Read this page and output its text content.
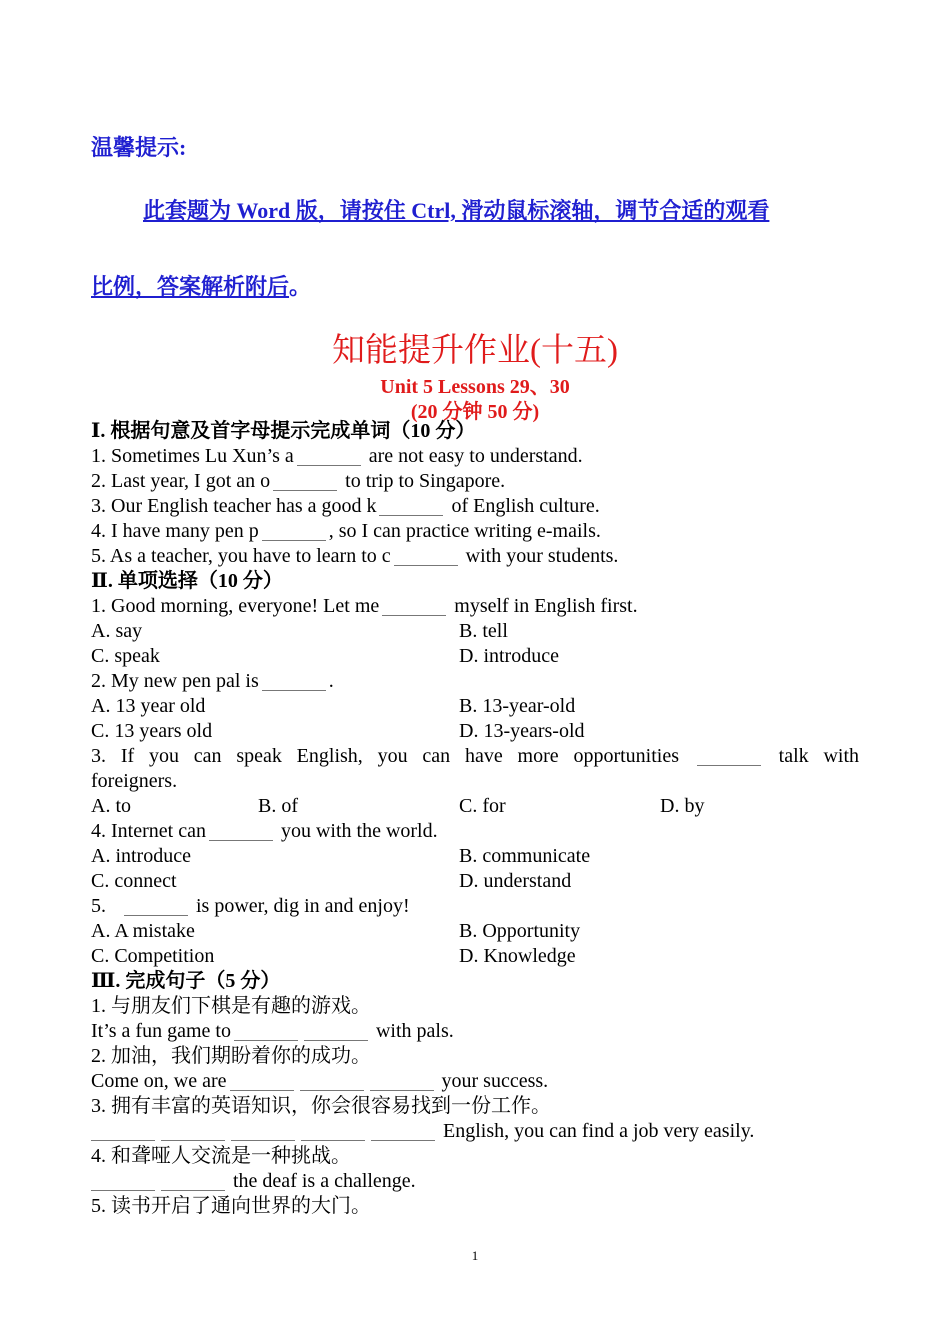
温馨提示:
此套题为 Word 版，请按住 Ctrl, 滑动鼠标滚轴，调节合适的观看
比例，答案解析附后。
知能提升作业(十五)
Unit 5 Lessons 29、30
(20 分钟 50 分)
Ⅰ. 根据句意及首字母提示完成单词（10 分）
1. Sometimes Lu Xun’s a	are not easy to understand.
2. Last year, I got an o	to trip to Singapore.
3. Our English teacher has a good k	of English culture.
4. I have many pen p	, so I can practice writing e-mails.
5. As a teacher, you have to learn to c	with your students.
Ⅱ. 单项选择（10 分）
1. Good morning, everyone! Let me	myself in English first.
A. say	B. tell
C. speak	D. introduce
2. My new pen pal is	.
A. 13 year old	B. 13-year-old
C. 13 years old	D. 13-years-old
3. If you can speak English, you can have more opportunities	talk with
foreigners.
A. to	B. of	C. for	D. by
4. Internet can	you with the world.
A. introduce	B. communicate
C. connect	D. understand
5.	is power, dig in and enjoy!
A. A mistake	B. Opportunity
C. Competition	D. Knowledge
Ⅲ. 完成句子（5 分）
1. 与朋友们下棋是有趣的游戏。
It’s a fun game to	with pals.
2. 加油，我们期盼着你的成功。
Come on, we are	your success.
3. 拥有丰富的英语知识，你会很容易找到一份工作。
English, you can find a job very easily.
4. 和聋哑人交流是一种挑战。
the deaf is a challenge.
5. 读书开启了通向世界的大门。
1
